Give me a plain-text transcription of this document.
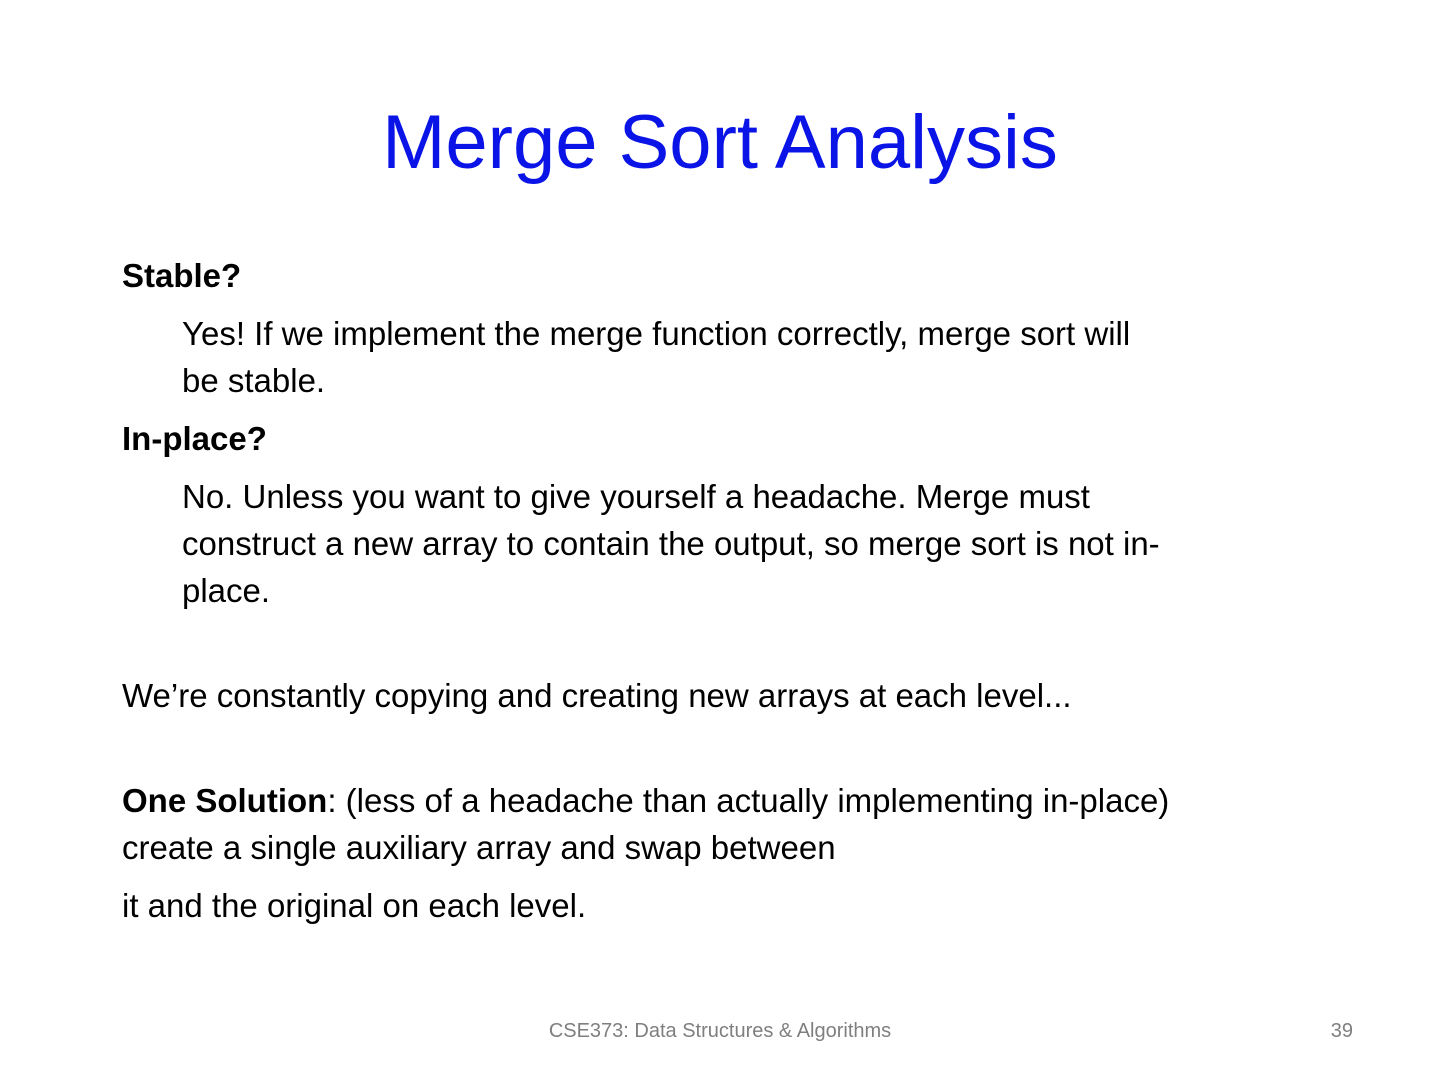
Merge Sort Analysis

Stable?

Yes! If we implement the merge function correctly, merge sort will

be stable.

In-place?

No. Unless you want to give yourself a headache. Merge must

construct a new array to contain the output, so merge sort is not in-

place.

We’re constantly copying and creating new arrays at each level...

One Solution: (less of a headache than actually implementing in-place)

create a single auxiliary array and swap between

it and the original on each level.

CSE373: Data Structures & Algorithms	39
